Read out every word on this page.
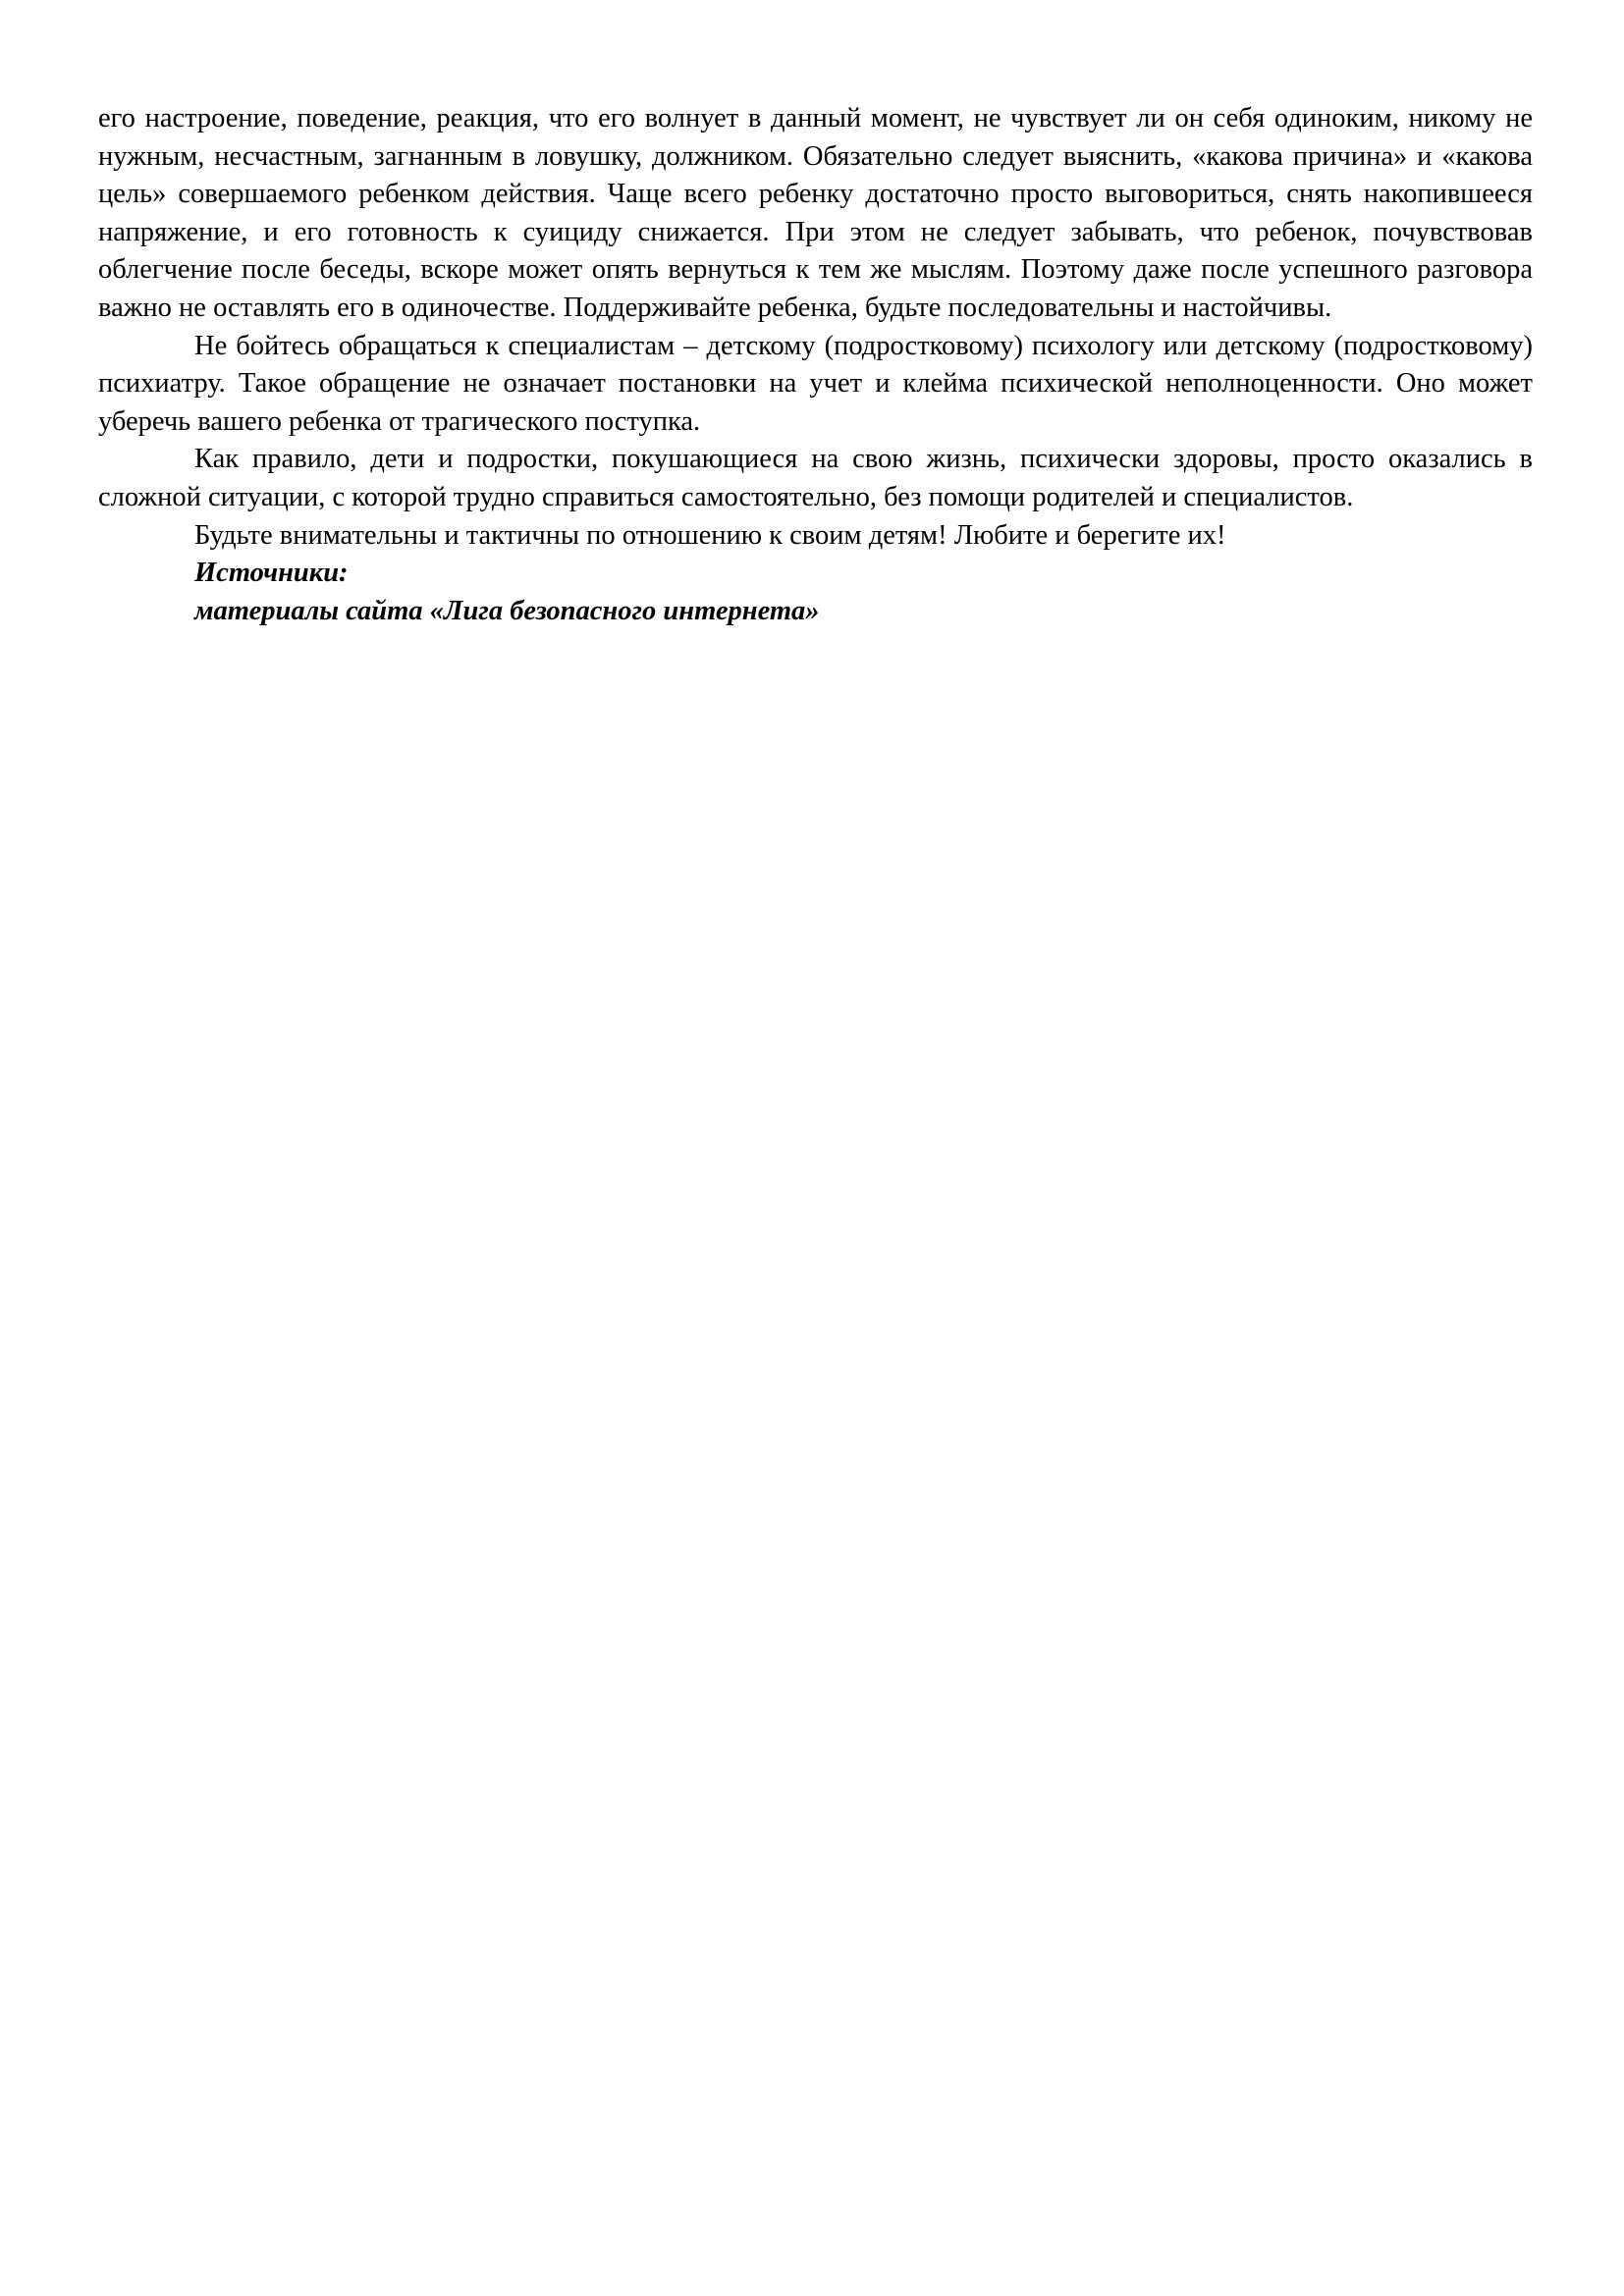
его настроение, поведение, реакция, что его волнует в данный момент, не чувствует ли он себя одиноким, никому не нужным, несчастным, загнанным в ловушку, должником. Обязательно следует выяснить, «какова причина» и «какова цель» совершаемого ребенком действия. Чаще всего ребенку достаточно просто выговориться, снять накопившееся напряжение, и его готовность к суициду снижается. При этом не следует забывать, что ребенок, почувствовав облегчение после беседы, вскоре может опять вернуться к тем же мыслям. Поэтому даже после успешного разговора важно не оставлять его в одиночестве. Поддерживайте ребенка, будьте последовательны и настойчивы.

Не бойтесь обращаться к специалистам – детскому (подростковому) психологу или детскому (подростковому) психиатру. Такое обращение не означает постановки на учет и клейма психической неполноценности. Оно может уберечь вашего ребенка от трагического поступка.

Как правило, дети и подростки, покушающиеся на свою жизнь, психически здоровы, просто оказались в сложной ситуации, с которой трудно справиться самостоятельно, без помощи родителей и специалистов.

Будьте внимательны и тактичны по отношению к своим детям! Любите и берегите их!

Источники:

материалы сайта «Лига безопасного интернета»
